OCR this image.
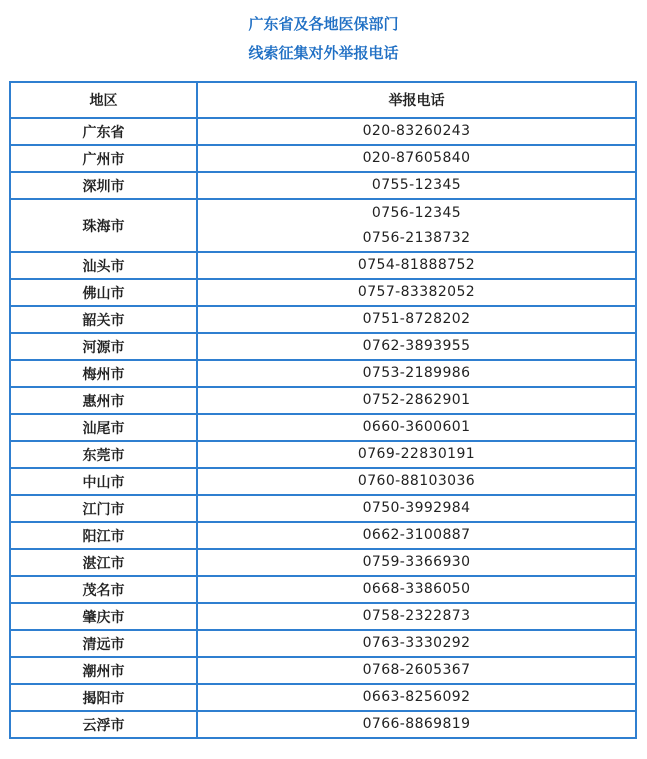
广东省及各地医保部门
线索征集对外举报电话
地区	举报电话
广东省	020-83260243

广州市	020-87605840

深圳市	0755-12345

珠海市	0756-12345
0756-2138732

汕头市	0754-81888752

佛山市	0757-83382052

韶关市	0751-8728202

河源市	0762-3893955

梅州市	0753-2189986

惠州市	0752-2862901

汕尾市	0660-3600601

东莞市	0769-22830191

中山市	0760-88103036

江门市	0750-3992984

阳江市	0662-3100887

湛江市	0759-3366930

茂名市	0668-3386050

肇庆市	0758-2322873

清远市	0763-3330292

潮州市	0768-2605367

揭阳市	0663-8256092

云浮市	0766-8869819
